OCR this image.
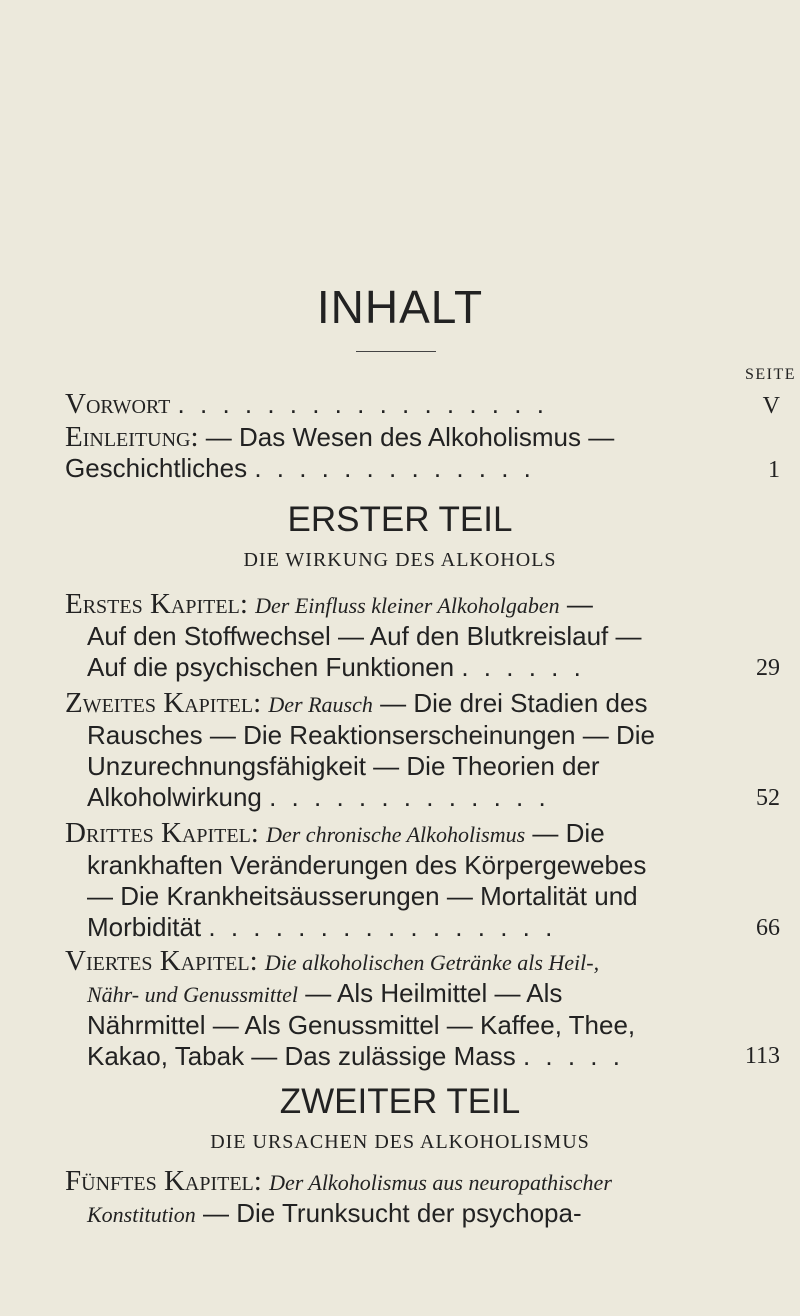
INHALT
SEITE
Vorwort . . . . . . . . . . . . . . . . .	V
Einleitung: — Das Wesen des Alkoholismus —
Geschichtliches . . . . . . . . . . . . .	1
ERSTER TEIL
DIE WIRKUNG DES ALKOHOLS
Erstes Kapitel: Der Einfluss kleiner Alkoholgaben —
Auf den Stoffwechsel — Auf den Blutkreislauf —
Auf die psychischen Funktionen . . . . . .	29
Zweites Kapitel: Der Rausch — Die drei Stadien des
Rausches — Die Reaktionserscheinungen — Die
Unzurechnungsfähigkeit — Die Theorien der
Alkoholwirkung . . . . . . . . . . . . .	52
Drittes Kapitel: Der chronische Alkoholismus — Die
krankhaften Veränderungen des Körpergewebes
— Die Krankheitsäusserungen — Mortalität und
Morbidität . . . . . . . . . . . . . . . .	66
Viertes Kapitel: Die alkoholischen Getränke als Heil-,
Nähr- und Genussmittel — Als Heilmittel — Als
Nährmittel — Als Genussmittel — Kaffee, Thee,
Kakao, Tabak — Das zulässige Mass . . . . .	113
ZWEITER TEIL
DIE URSACHEN DES ALKOHOLISMUS
Fünftes Kapitel: Der Alkoholismus aus neuropathischer
Konstitution — Die Trunksucht der psychopa-
